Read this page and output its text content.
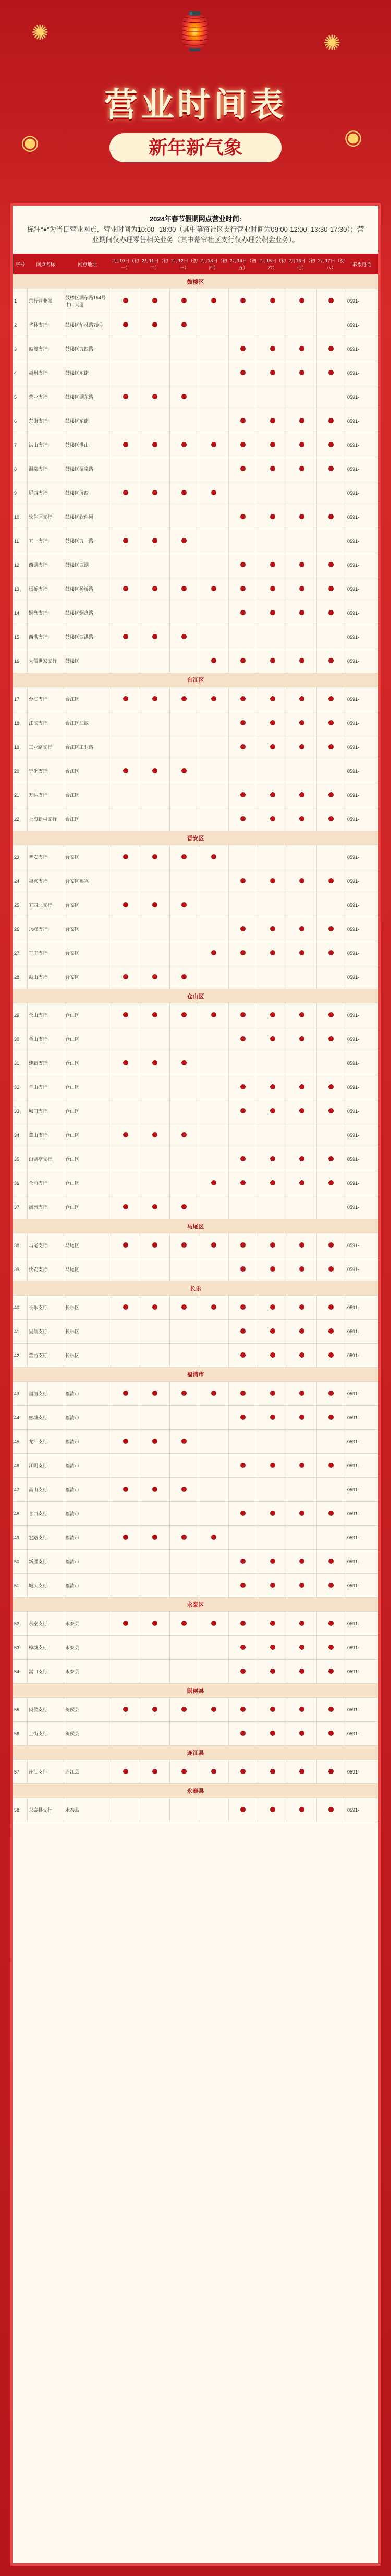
✺	✺
🏮
◉	◉
营业时间表
新年新气象
2024年春节假期网点营业时间:
标注“●”为当日营业网点，营业时间为10:00--18:00（其中幕帘社区支行营业时间为09:00-12:00, 13:30-17:30）；营业期间仅办理零售相关业务（其中幕帘社区支行仅办理公积金业务）。
序号	网点名称	网点地址	2月10日（初一）	2月11日（初二）	2月12日（初三）	2月13日（初四）	2月14日（初五）	2月15日（初六）	2月16日（初七）	2月17日（初八）	联系电话
鼓楼区											
1	总行营业部	鼓楼区湖东路154号中山大厦									0591-
2	华林支行	鼓楼区华林路79号									0591-
3	鼓楼支行	鼓楼区五四路									0591-
4	福州支行	鼓楼区东街									0591-
5	营业支行	鼓楼区湖东路									0591-
6	东街支行	鼓楼区东街									0591-
7	洪山支行	鼓楼区洪山									0591-
8	温泉支行	鼓楼区温泉路									0591-
9	屏西支行	鼓楼区屏西									0591-
10	软件园支行	鼓楼区软件园									0591-
11	五一支行	鼓楼区五一路									0591-
12	西湖支行	鼓楼区西湖									0591-
13	杨桥支行	鼓楼区杨桥路									0591-
14	铜盘支行	鼓楼区铜盘路									0591-
15	西洪支行	鼓楼区西洪路									0591-
16	大儒世家支行	鼓楼区									0591-
台江区											
17	台江支行	台江区									0591-
18	江滨支行	台江区江滨									0591-
19	工业路支行	台江区工业路									0591-
20	宁化支行	台江区									0591-
21	万达支行	台江区									0591-
22	上海新村支行	台江区									0591-
晋安区											
23	晋安支行	晋安区									0591-
24	福兴支行	晋安区福兴									0591-
25	五四北支行	晋安区									0591-
26	岳峰支行	晋安区									0591-
27	王庄支行	晋安区									0591-
28	鼓山支行	晋安区									0591-
仓山区											
29	仓山支行	仓山区									0591-
30	金山支行	仓山区									0591-
31	建新支行	仓山区									0591-
32	首山支行	仓山区									0591-
33	城门支行	仓山区									0591-
34	盖山支行	仓山区									0591-
35	白湖亭支行	仓山区									0591-
36	仓前支行	仓山区									0591-
37	螺洲支行	仓山区									0591-
马尾区											
38	马尾支行	马尾区									0591-
39	快安支行	马尾区									0591-
长乐											
40	长乐支行	长乐区									0591-
41	吴航支行	长乐区									0591-
42	营前支行	长乐区									0591-
福清市											
43	福清支行	福清市									0591-
44	融城支行	福清市									0591-
45	龙江支行	福清市									0591-
46	江阴支行	福清市									0591-
47	高山支行	福清市									0591-
48	音西支行	福清市									0591-
49	宏路支行	福清市									0591-
50	新厝支行	福清市									0591-
51	城头支行	福清市									0591-
永泰区											
52	永泰支行	永泰县									0591-
53	樟城支行	永泰县									0591-
54	嵩口支行	永泰县									0591-
闽侯县											
55	闽侯支行	闽侯县									0591-
56	上街支行	闽侯县									0591-
连江县											
57	连江支行	连江县									0591-
永泰县											
58	永泰县支行	永泰县									0591-
